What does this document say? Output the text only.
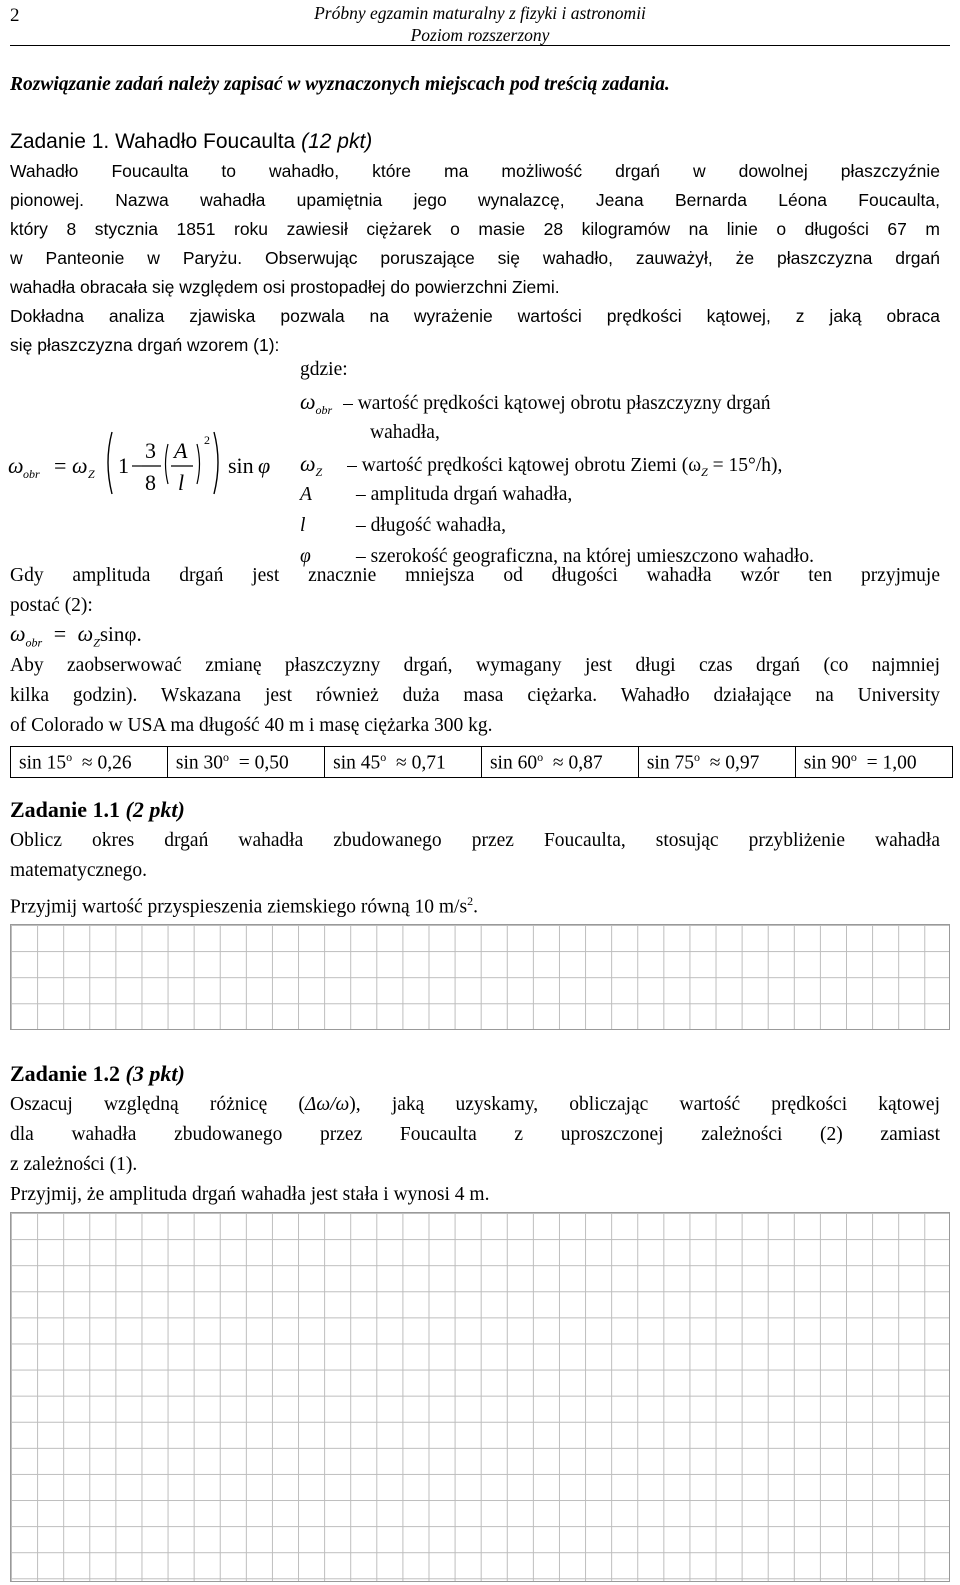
2	Próbny egzamin maturalny z fizyki i astronomii
Poziom rozszerzony
Rozwiązanie zadań należy zapisać w wyznaczonych miejscach pod treścią zadania.
Zadanie 1. Wahadło Foucaulta (12 pkt)
Wahadło Foucaulta to wahadło, które ma możliwość drgań w dowolnej płaszczyźnie
pionowej. Nazwa wahadła upamiętnia jego wynalazcę, Jeana Bernarda Léona Foucaulta,
który 8 stycznia 1851 roku zawiesił ciężarek o masie 28 kilogramów na linie o długości 67 m
w Panteonie w Paryżu. Obserwując poruszające się wahadło, zauważył, że płaszczyzna drgań
wahadła obracała się względem osi prostopadłej do powierzchni Ziemi.
Dokładna analiza zjawiska pozwala na wyrażenie wartości prędkości kątowej, z jaką obraca
się płaszczyzna drgań wzorem (1):
gdzie:
$\omega_{obr}$ – wartość prędkości kątowej obrotu płaszczyzny drgań
wahadła,
$\omega_Z$ – wartość prędkości kątowej obrotu Ziemi $(\omega_Z = 15^\circ/h)$,
A – amplituda drgań wahadła,
l	– długość wahadła,
φ – szerokość geograficzna, na której umieszczono wahadło.
ω obr = ω Z 1
3
8
A
l
2
sin φ
Gdy amplituda drgań jest znacznie mniejsza od długości wahadła wzór ten przyjmuje
postać (2):
$\omega_{obr} = \omega_Z\sin\varphi$.
Aby zaobserwować zmianę płaszczyzny drgań, wymagany jest długi czas drgań (co najmniej
kilka godzin). Wskazana jest również duża masa ciężarka. Wahadło działające na University
of Colorado w USA ma długość 40 m i masę ciężarka 300 kg.
$\sin 15^o \approx 0,26$	$\sin 30^o = 0,50$	$\sin 45^o \approx 0,71$	$\sin 60^o \approx 0,87$	$\sin 75^o \approx 0,97$	$\sin 90^o = 1,00$
Zadanie 1.1 (2 pkt)
Oblicz okres drgań wahadła zbudowanego przez Foucaulta, stosując przybliżenie wahadła
matematycznego.
Przyjmij wartość przyspieszenia ziemskiego równą 10 $m/s^2$.
Zadanie 1.2 (3 pkt)
Oszacuj względną różnicę (Δω/ω), jaką uzyskamy, obliczając wartość prędkości kątowej
dla wahadła zbudowanego przez Foucaulta z uproszczonej zależności (2) zamiast
z zależności (1).
Przyjmij, że amplituda drgań wahadła jest stała i wynosi 4 m.
